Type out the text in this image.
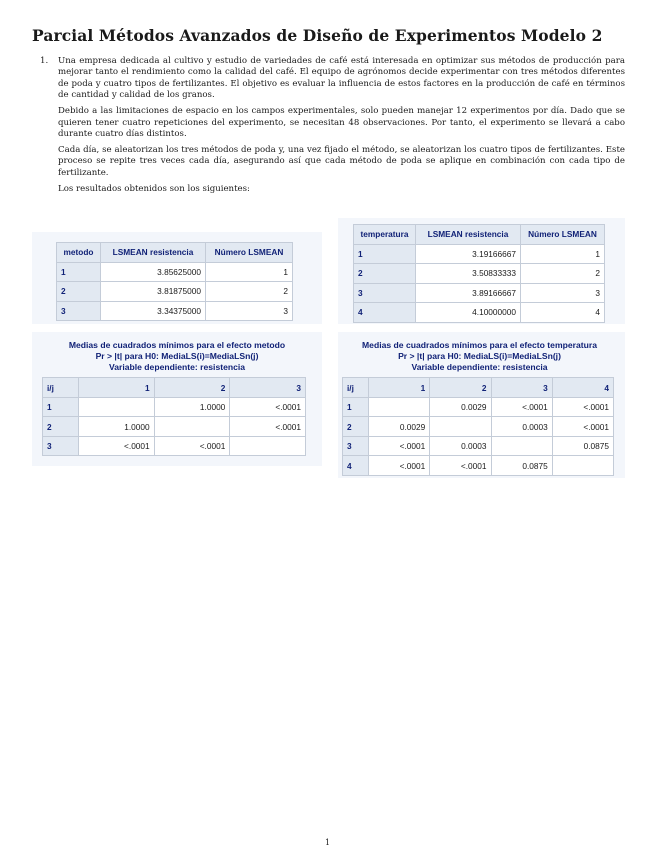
Parcial Métodos Avanzados de Diseño de Experimentos Modelo 2
1. Una empresa dedicada al cultivo y estudio de variedades de café está interesada en optimizar sus métodos de producción para mejorar tanto el rendimiento como la calidad del café. El equipo de agrónomos decide experimentar con tres métodos diferentes de poda y cuatro tipos de fertilizantes. El objetivo es evaluar la influencia de estos factores en la producción de café en términos de cantidad y calidad de los granos.

Debido a las limitaciones de espacio en los campos experimentales, solo pueden manejar 12 experimentos por día. Dado que se quieren tener cuatro repeticiones del experimento, se necesitan 48 observaciones. Por tanto, el experimento se llevará a cabo durante cuatro días distintos.

Cada día, se aleatorizan los tres métodos de poda y, una vez fijado el método, se aleatorizan los cuatro tipos de fertilizantes. Este proceso se repite tres veces cada día, asegurando así que cada método de poda se aplique en combinación con cada tipo de fertilizante.

Los resultados obtenidos son los siguientes:

metodo	LSMEAN resistencia	Número LSMEAN
1	3.85625000	1
2	3.81875000	2
3	3.34375000	3
temperatura	LSMEAN resistencia	Número LSMEAN
1	3.19166667	1
2	3.50833333	2
3	3.89166667	3
4	4.10000000	4
Medias de cuadrados mínimos para el efecto metodo
Pr > |t| para H0: MediaLS(i)=MediaLSn(j)
Variable dependiente: resistencia
i/j	1	2	3
1		1.0000	<.0001
2	1.0000		<.0001
3	<.0001	<.0001	
Medias de cuadrados mínimos para el efecto temperatura
Pr > |t| para H0: MediaLS(i)=MediaLSn(j)
Variable dependiente: resistencia
i/j	1	2	3	4
1		0.0029	<.0001	<.0001
2	0.0029		0.0003	<.0001
3	<.0001	0.0003		0.0875
4	<.0001	<.0001	0.0875	
1
